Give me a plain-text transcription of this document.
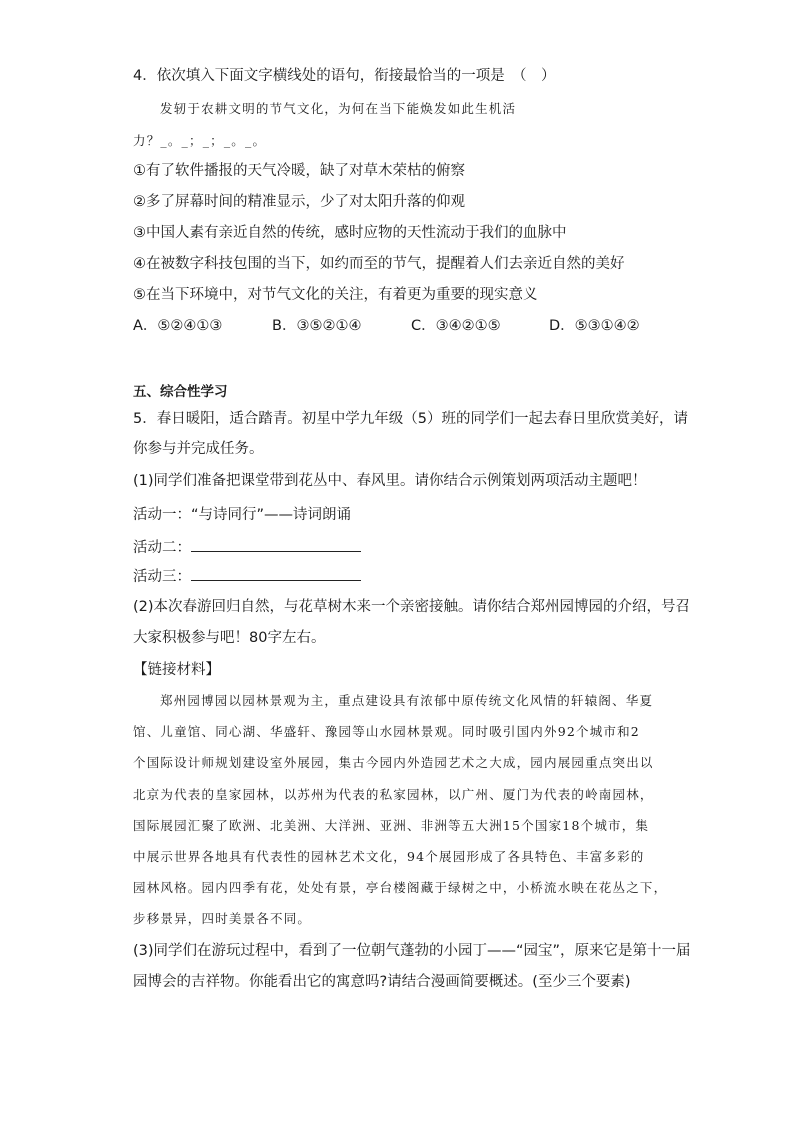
4．依次填入下面文字横线处的语句，衔接最恰当的一项是　（　）
发轫于农耕文明的节气文化，为何在当下能焕发如此生机活
力？_。_；_；_。_。
①有了软件播报的天气冷暖，缺了对草木荣枯的俯察
②多了屏幕时间的精准显示，少了对太阳升落的仰观
③中国人素有亲近自然的传统，感时应物的天性流动于我们的血脉中
④在被数字科技包围的当下，如约而至的节气，提醒着人们去亲近自然的美好
⑤在当下环境中，对节气文化的关注，有着更为重要的现实意义
A．⑤②④①③	B．③⑤②①④	C．③④②①⑤	D．⑤③①④②
五、综合性学习
5．春日暖阳，适合踏青。初星中学九年级（5）班的同学们一起去春日里欣赏美好，请
你参与并完成任务。
(1)同学们准备把课堂带到花丛中、春风里。请你结合示例策划两项活动主题吧！
活动一：“与诗同行”——诗词朗诵
活动二：
活动三：
(2)本次春游回归自然，与花草树木来一个亲密接触。请你结合郑州园博园的介绍，号召
大家积极参与吧！80字左右。
【链接材料】
郑州园博园以园林景观为主，重点建设具有浓郁中原传统文化风情的轩辕阁、华夏
馆、儿童馆、同心湖、华盛轩、豫园等山水园林景观。同时吸引国内外92个城市和2
个国际设计师规划建设室外展园，集古今园内外造园艺术之大成，园内展园重点突出以
北京为代表的皇家园林，以苏州为代表的私家园林，以广州、厦门为代表的岭南园林，
国际展园汇聚了欧洲、北美洲、大洋洲、亚洲、非洲等五大洲15个国家18个城市，集
中展示世界各地具有代表性的园林艺术文化，94个展园形成了各具特色、丰富多彩的
园林风格。园内四季有花，处处有景，亭台楼阁藏于绿树之中，小桥流水映在花丛之下，
步移景异，四时美景各不同。
(3)同学们在游玩过程中，看到了一位朝气蓬勃的小园丁——“园宝”，原来它是第十一届
园博会的吉祥物。你能看出它的寓意吗?请结合漫画简要概述。(至少三个要素)
